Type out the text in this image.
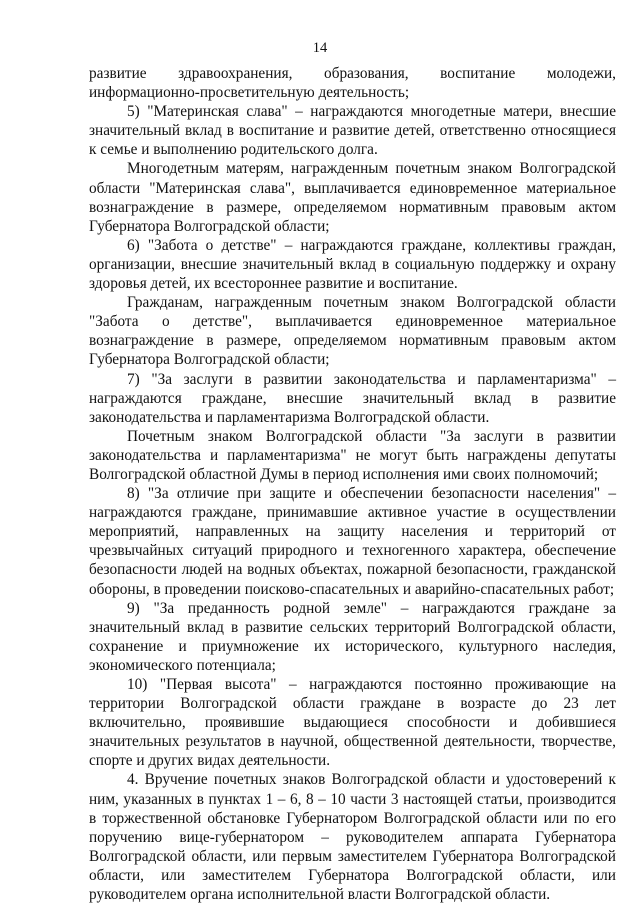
14

развитие здравоохранения, образования, воспитание молодежи, информационно-просветительную деятельность;

5) "Материнская слава" – награждаются многодетные матери, внесшие значительный вклад в воспитание и развитие детей, ответственно относящиеся к семье и выполнению родительского долга.

Многодетным матерям, награжденным почетным знаком Волгоградской области "Материнская слава", выплачивается единовременное материальное вознаграждение в размере, определяемом нормативным правовым актом Губернатора Волгоградской области;

6) "Забота о детстве" – награждаются граждане, коллективы граждан, организации, внесшие значительный вклад в социальную поддержку и охрану здоровья детей, их всестороннее развитие и воспитание.

Гражданам, награжденным почетным знаком Волгоградской области "Забота о детстве", выплачивается единовременное материальное вознаграждение в размере, определяемом нормативным правовым актом Губернатора Волгоградской области;

7) "За заслуги в развитии законодательства и парламентаризма" – награждаются граждане, внесшие значительный вклад в развитие законодательства и парламентаризма Волгоградской области.

Почетным знаком Волгоградской области "За заслуги в развитии законодательства и парламентаризма" не могут быть награждены депутаты Волгоградской областной Думы в период исполнения ими своих полномочий;

8) "За отличие при защите и обеспечении безопасности населения" – награждаются граждане, принимавшие активное участие в осуществлении мероприятий, направленных на защиту населения и территорий от чрезвычайных ситуаций природного и техногенного характера, обеспечение безопасности людей на водных объектах, пожарной безопасности, гражданской обороны, в проведении поисково-спасательных и аварийно-спасательных работ;

9) "За преданность родной земле" – награждаются граждане за значительный вклад в развитие сельских территорий Волгоградской области, сохранение и приумножение их исторического, культурного наследия, экономического потенциала;

10) "Первая высота" – награждаются постоянно проживающие на территории Волгоградской области граждане в возрасте до 23 лет включительно, проявившие выдающиеся способности и добившиеся значительных результатов в научной, общественной деятельности, творчестве, спорте и других видах деятельности.

4. Вручение почетных знаков Волгоградской области и удостоверений к ним, указанных в пунктах 1 – 6, 8 – 10 части 3 настоящей статьи, производится в торжественной обстановке Губернатором Волгоградской области или по его поручению вице-губернатором – руководителем аппарата Губернатора Волгоградской области, или первым заместителем Губернатора Волгоградской области, или заместителем Губернатора Волгоградской области, или руководителем органа исполнительной власти Волгоградской области.
